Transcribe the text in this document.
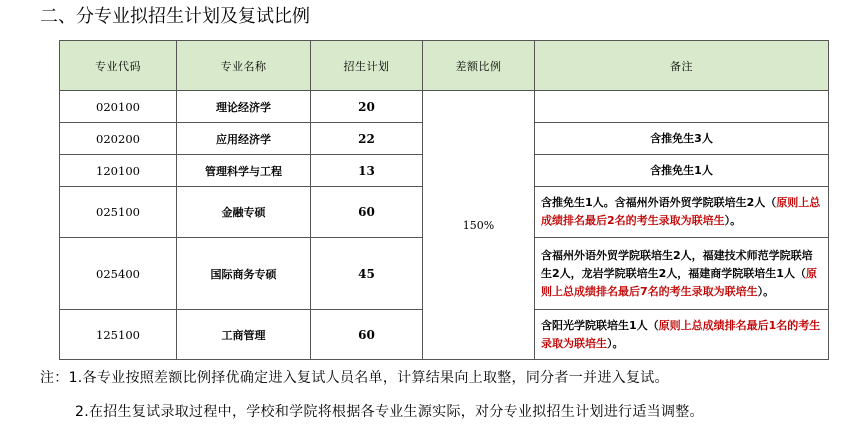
二、分专业拟招生计划及复试比例
专业代码	专业名称	招生计划	差额比例	备注
020100	理论经济学	20	150%	
020200	应用经济学	22		含推免生3人
120100	管理科学与工程	13		含推免生1人
025100	金融专硕	60		含推免生1人。含福州外语外贸学院联培生2人（原则上总成绩排名最后2名的考生录取为联培生）。
025400	国际商务专硕	45		含福州外语外贸学院联培生2人，福建技术师范学院联培生2人，龙岩学院联培生2人，福建商学院联培生1人（原则上总成绩排名最后7名的考生录取为联培生）。
125100	工商管理	60		含阳光学院联培生1人（原则上总成绩排名最后1名的考生录取为联培生）。
注：1.各专业按照差额比例择优确定进入复试人员名单，计算结果向上取整，同分者一并进入复试。
2.在招生复试录取过程中，学校和学院将根据各专业生源实际，对分专业拟招生计划进行适当调整。
